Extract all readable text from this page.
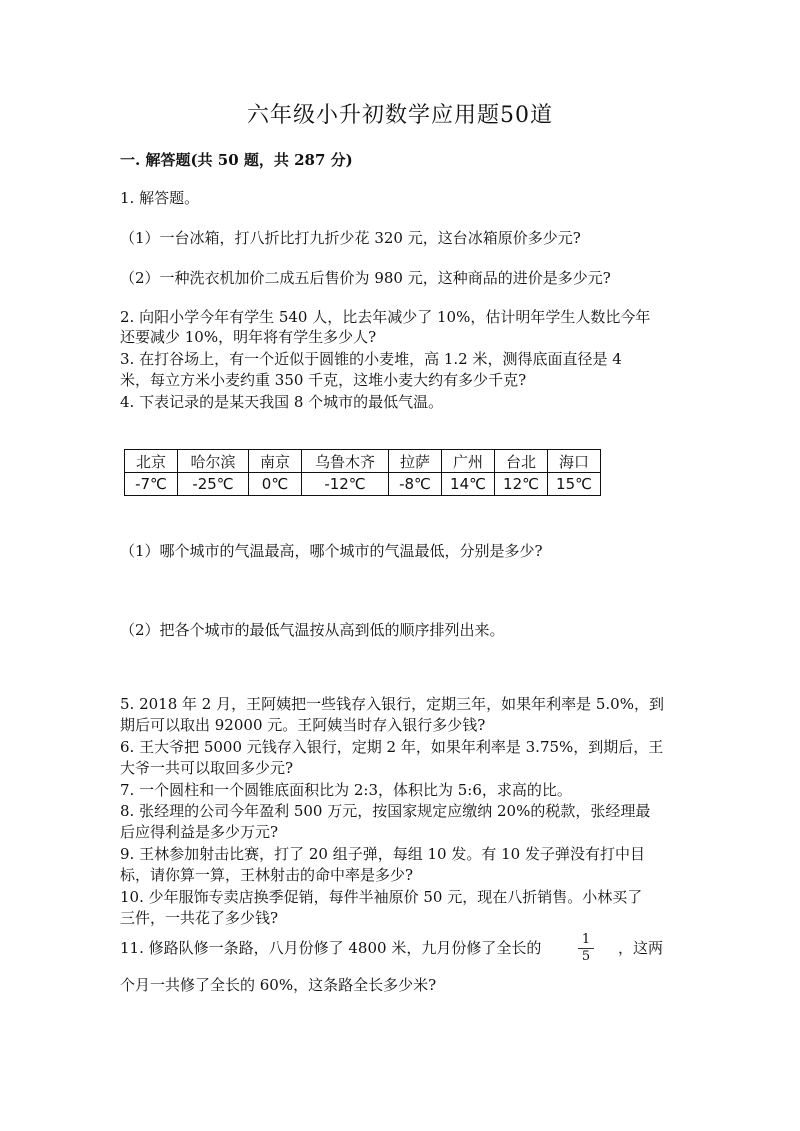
六年级小升初数学应用题50道

一. 解答题(共 50 题，共 287 分)

1. 解答题。

（1）一台冰箱，打八折比打九折少花 320 元，这台冰箱原价多少元?

（2）一种洗衣机加价二成五后售价为 980 元，这种商品的进价是多少元?

2. 向阳小学今年有学生 540 人，比去年减少了 10%，估计明年学生人数比今年

还要减少 10%，明年将有学生多少人?

3. 在打谷场上，有一个近似于圆锥的小麦堆，高 1.2 米，测得底面直径是 4

米，每立方米小麦约重 350 千克，这堆小麦大约有多少千克?

4. 下表记录的是某天我国 8 个城市的最低气温。

北京	哈尔滨	南京	乌鲁木齐	拉萨	广州	台北	海口
-7℃	-25℃	0℃	-12℃	-8℃	14℃	12℃	15℃

（1）哪个城市的气温最高，哪个城市的气温最低，分别是多少?

（2）把各个城市的最低气温按从高到低的顺序排列出来。

5. 2018 年 2 月，王阿姨把一些钱存入银行，定期三年，如果年利率是 5.0%，到

期后可以取出 92000 元。王阿姨当时存入银行多少钱?

6. 王大爷把 5000 元钱存入银行，定期 2 年，如果年利率是 3.75%，到期后，王

大爷一共可以取回多少元?

7. 一个圆柱和一个圆锥底面积比为 2:3，体积比为 5:6，求高的比。

8. 张经理的公司今年盈利 500 万元，按国家规定应缴纳 20%的税款，张经理最

后应得利益是多少万元?

9. 王林参加射击比赛，打了 20 组子弹，每组 10 发。有 10 发子弹没有打中目

标，请你算一算，王林射击的命中率是多少?

10. 少年服饰专卖店换季促销，每件半袖原价 50 元，现在八折销售。小林买了

三件，一共花了多少钱?

11. 修路队修一条路，八月份修了 4800 米，九月份修了全长的	1
5 ，这两

个月一共修了全长的 60%，这条路全长多少米?
